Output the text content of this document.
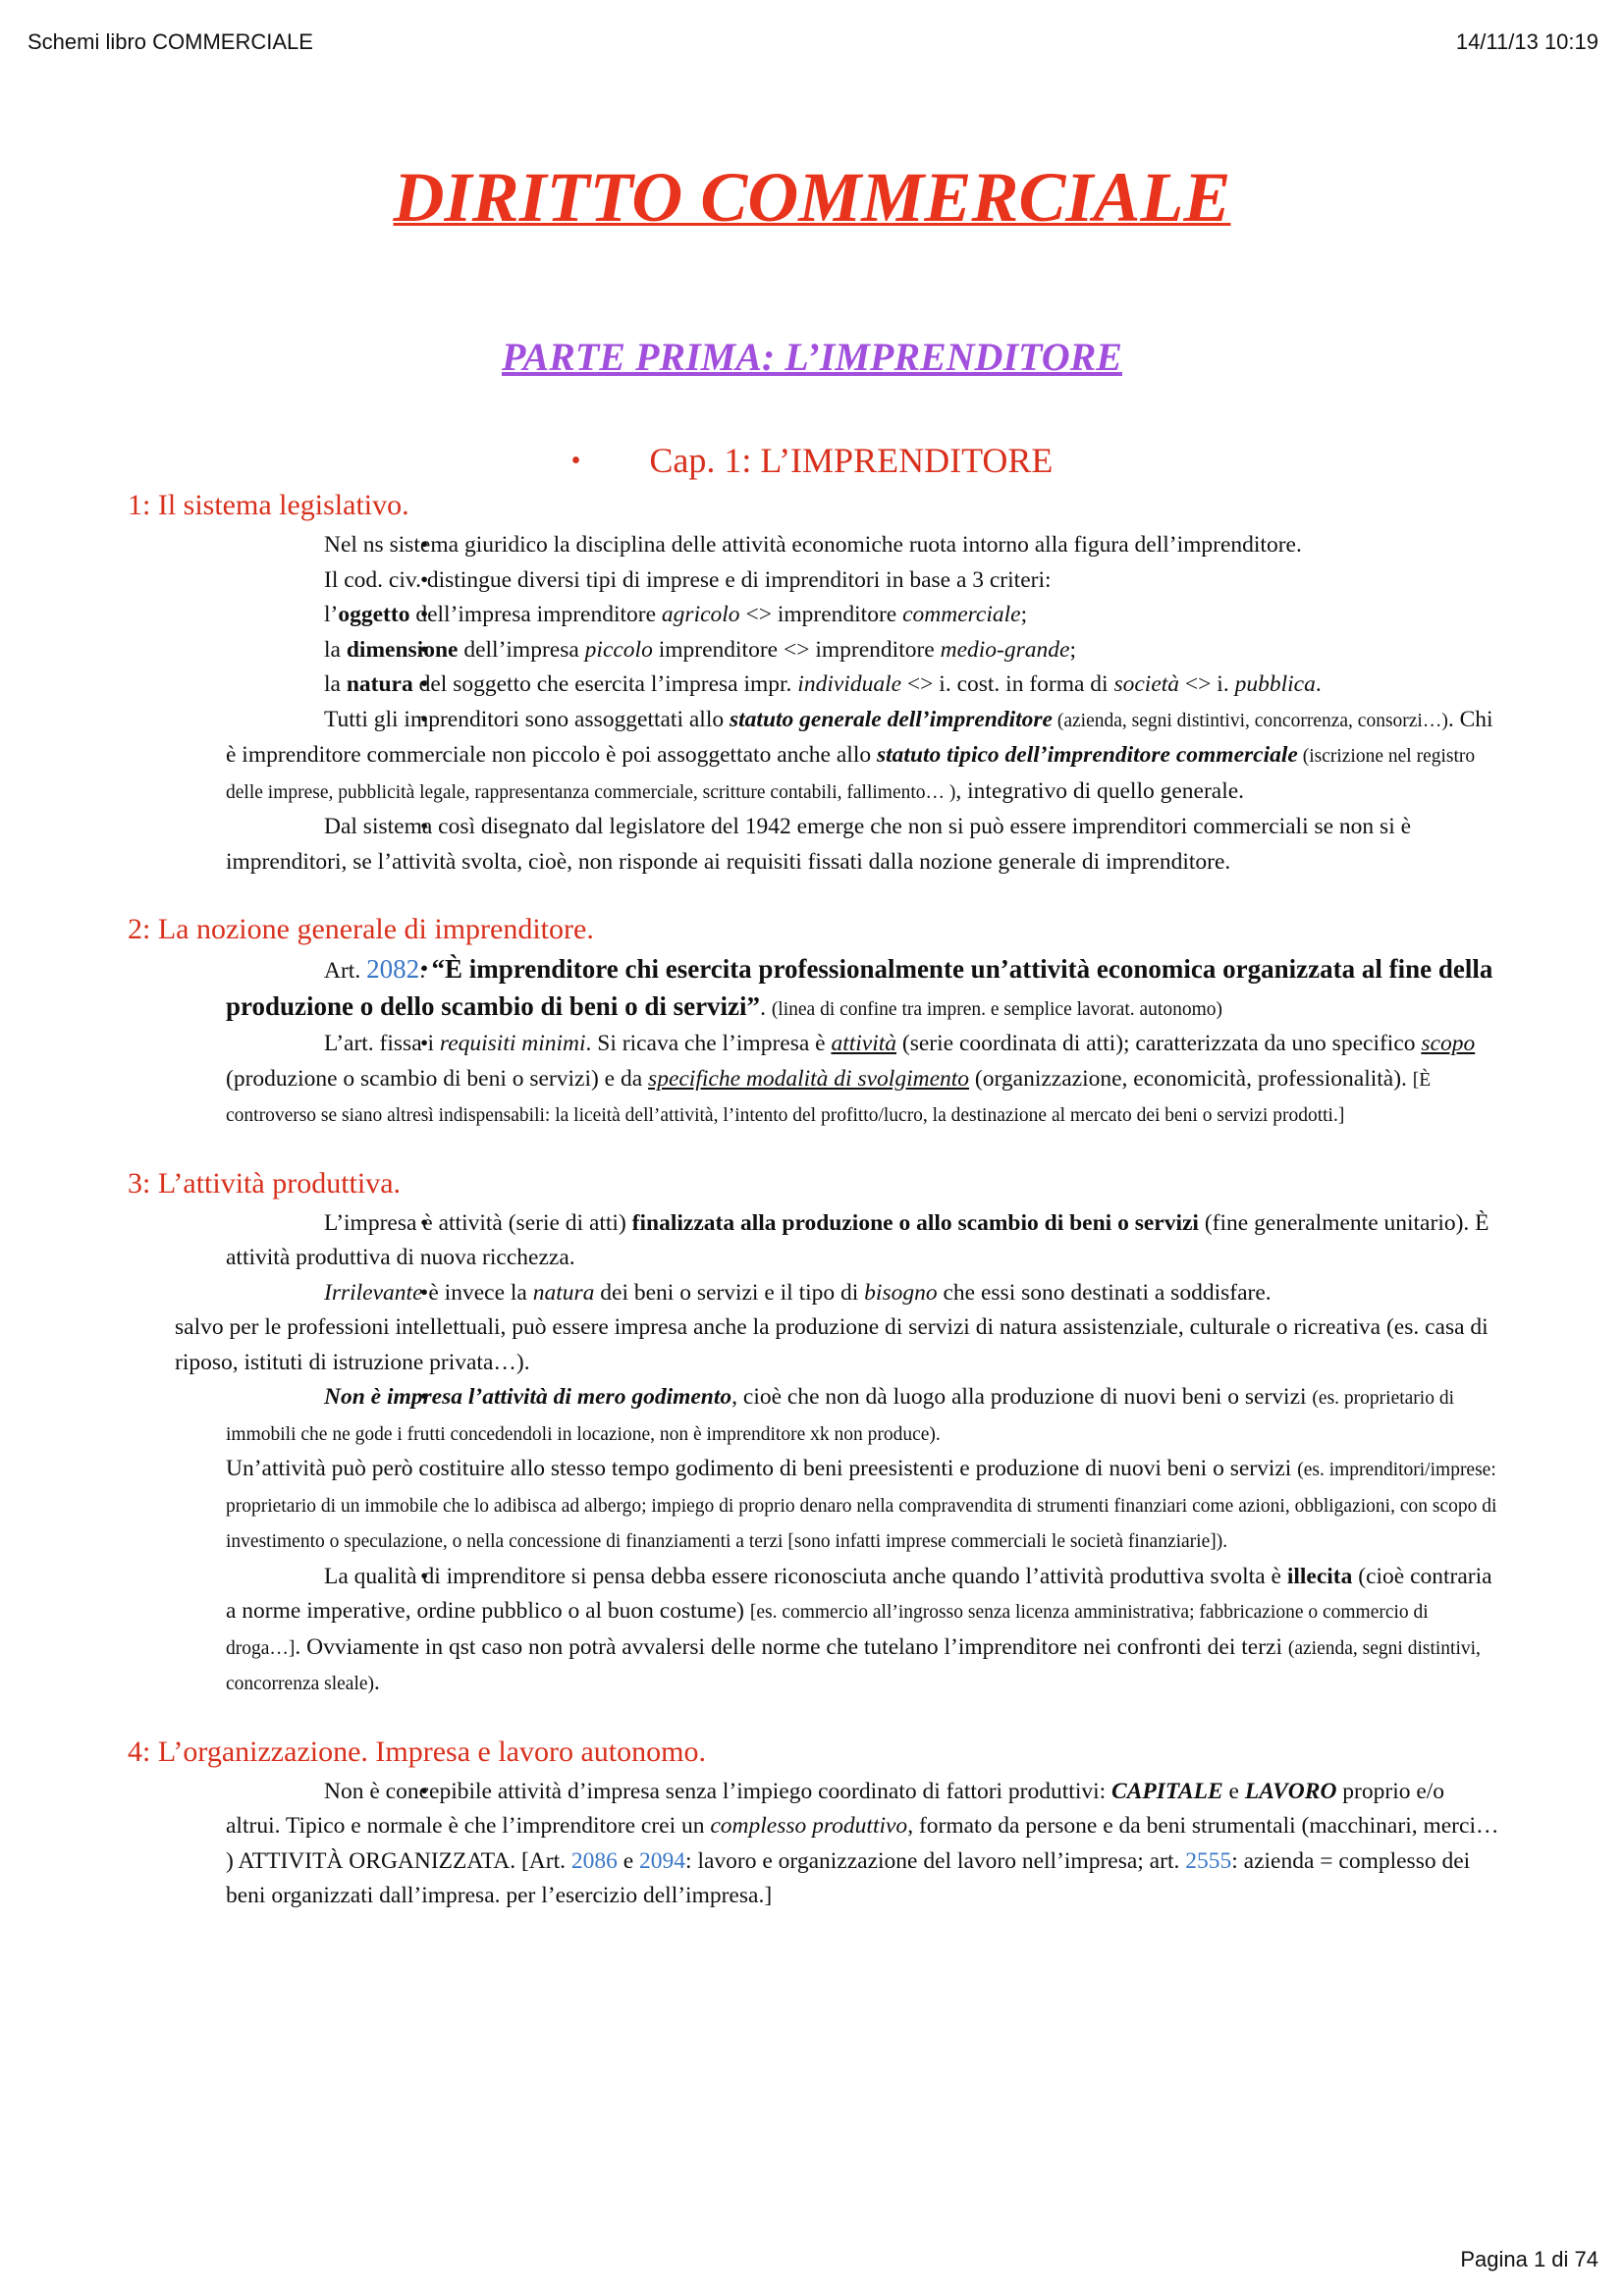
Schemi libro COMMERCIALE	14/11/13 10:19
DIRITTO COMMERCIALE
PARTE PRIMA: L’IMPRENDITORE
• Cap. 1: L’IMPRENDITORE
1: Il sistema legislativo.

• Nel ns sistema giuridico la disciplina delle attività economiche ruota intorno alla figura dell’imprenditore.

• Il cod. civ. distingue diversi tipi di imprese e di imprenditori in base a 3 criteri:

• l’oggetto dell’impresa imprenditore agricolo <> imprenditore commerciale;

• la dimensione dell’impresa piccolo imprenditore <> imprenditore medio-grande;

• la natura del soggetto che esercita l’impresa impr. individuale <> i. cost. in forma di società <> i. pubblica.

• Tutti gli imprenditori sono assoggettati allo statuto generale dell’imprenditore (azienda, segni distintivi, concorrenza, consorzi…). Chi è imprenditore commerciale non piccolo è poi assoggettato anche allo statuto tipico dell’imprenditore commerciale (iscrizione nel registro delle imprese, pubblicità legale, rappresentanza commerciale, scritture contabili, fallimento… ), integrativo di quello generale.

• Dal sistema così disegnato dal legislatore del 1942 emerge che non si può essere imprenditori commerciali se non si è imprenditori, se l’attività svolta, cioè, non risponde ai requisiti fissati dalla nozione generale di imprenditore.

2: La nozione generale di imprenditore.

• Art. 2082: “È imprenditore chi esercita professionalmente un’attività economica organizzata al fine della produzione o dello scambio di beni o di servizi”. (linea di confine tra impren. e semplice lavorat. autonomo)

• L’art. fissa i requisiti minimi. Si ricava che l’impresa è attività (serie coordinata di atti); caratterizzata da uno specifico scopo (produzione o scambio di beni o servizi) e da specifiche modalità di svolgimento (organizzazione, economicità, professionalità). [È controverso se siano altresì indispensabili: la liceità dell’attività, l’intento del profitto/lucro, la destinazione al mercato dei beni o servizi prodotti.]

3: L’attività produttiva.

• L’impresa è attività (serie di atti) finalizzata alla produzione o allo scambio di beni o servizi (fine generalmente unitario). È attività produttiva di nuova ricchezza.

• Irrilevante è invece la natura dei beni o servizi e il tipo di bisogno che essi sono destinati a soddisfare.

salvo per le professioni intellettuali, può essere impresa anche la produzione di servizi di natura assistenziale, culturale o ricreativa (es. casa di riposo, istituti di istruzione privata…).

• Non è impresa l’attività di mero godimento, cioè che non dà luogo alla produzione di nuovi beni o servizi (es. proprietario di immobili che ne gode i frutti concedendoli in locazione, non è imprenditore xk non produce).

Un’attività può però costituire allo stesso tempo godimento di beni preesistenti e produzione di nuovi beni o servizi (es. imprenditori/imprese: proprietario di un immobile che lo adibisca ad albergo; impiego di proprio denaro nella compravendita di strumenti finanziari come azioni, obbligazioni, con scopo di investimento o speculazione, o nella concessione di finanziamenti a terzi [sono infatti imprese commerciali le società finanziarie]).

• La qualità di imprenditore si pensa debba essere riconosciuta anche quando l’attività produttiva svolta è illecita (cioè contraria a norme imperative, ordine pubblico o al buon costume) [es. commercio all’ingrosso senza licenza amministrativa; fabbricazione o commercio di droga…]. Ovviamente in qst caso non potrà avvalersi delle norme che tutelano l’imprenditore nei confronti dei terzi (azienda, segni distintivi, concorrenza sleale).

4: L’organizzazione. Impresa e lavoro autonomo.

• Non è concepibile attività d’impresa senza l’impiego coordinato di fattori produttivi: CAPITALE e LAVORO proprio e/o altrui. Tipico e normale è che l’imprenditore crei un complesso produttivo, formato da persone e da beni strumentali (macchinari, merci… ) ATTIVITÀ ORGANIZZATA. [Art. 2086 e 2094: lavoro e organizzazione del lavoro nell’impresa; art. 2555: azienda = complesso dei beni organizzati dall’impresa. per l’esercizio dell’impresa.]

Pagina 1 di 74
